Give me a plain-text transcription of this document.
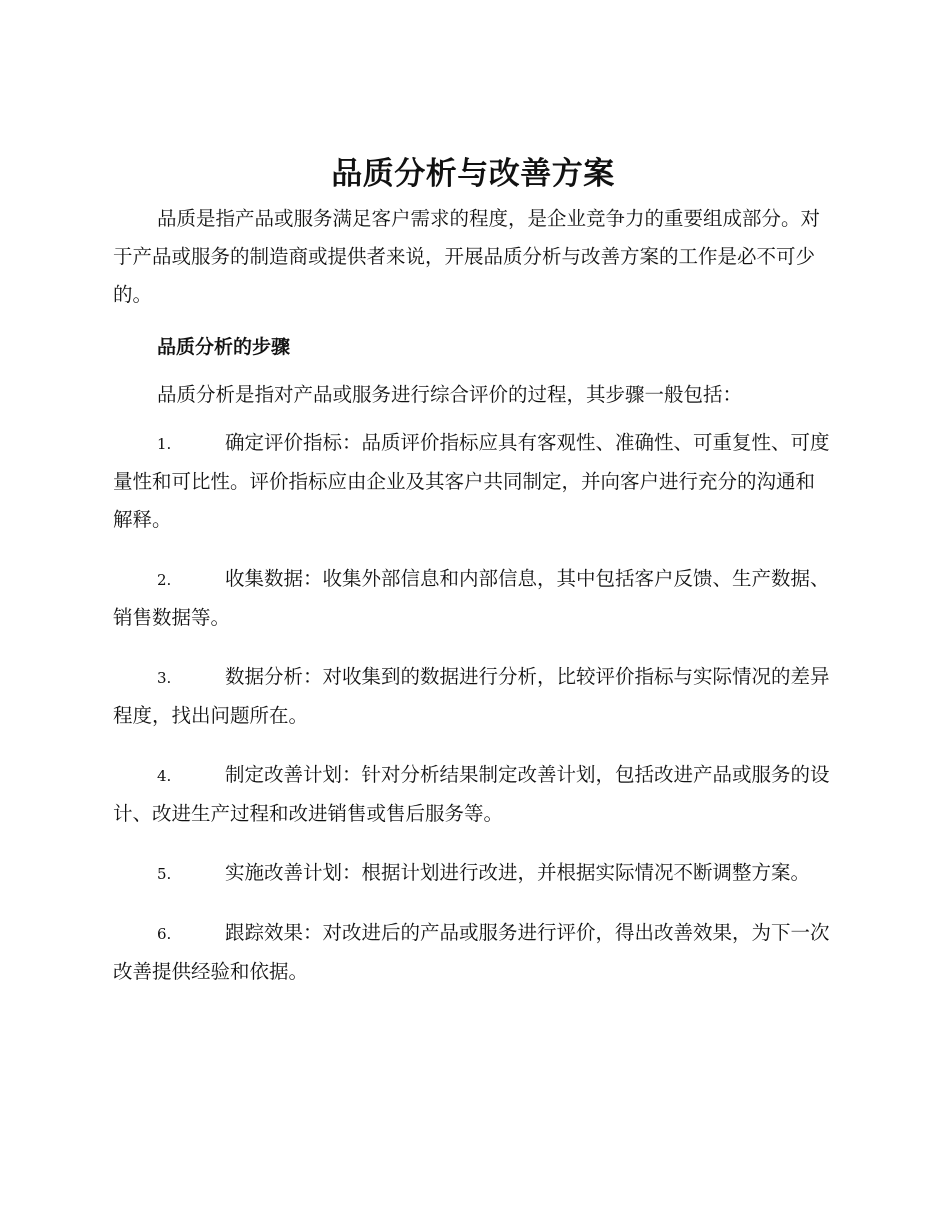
品质分析与改善方案

品质是指产品或服务满足客户需求的程度，是企业竞争力的重要组成部分。对于产品或服务的制造商或提供者来说，开展品质分析与改善方案的工作是必不可少的。

品质分析的步骤

品质分析是指对产品或服务进行综合评价的过程，其步骤一般包括：

1.	确定评价指标：品质评价指标应具有客观性、准确性、可重复性、可度量性和可比性。评价指标应由企业及其客户共同制定，并向客户进行充分的沟通和解释。
2.	收集数据：收集外部信息和内部信息，其中包括客户反馈、生产数据、销售数据等。
3.	数据分析：对收集到的数据进行分析，比较评价指标与实际情况的差异程度，找出问题所在。
4.	制定改善计划：针对分析结果制定改善计划，包括改进产品或服务的设计、改进生产过程和改进销售或售后服务等。
5.	实施改善计划：根据计划进行改进，并根据实际情况不断调整方案。
6.	跟踪效果：对改进后的产品或服务进行评价，得出改善效果，为下一次改善提供经验和依据。
